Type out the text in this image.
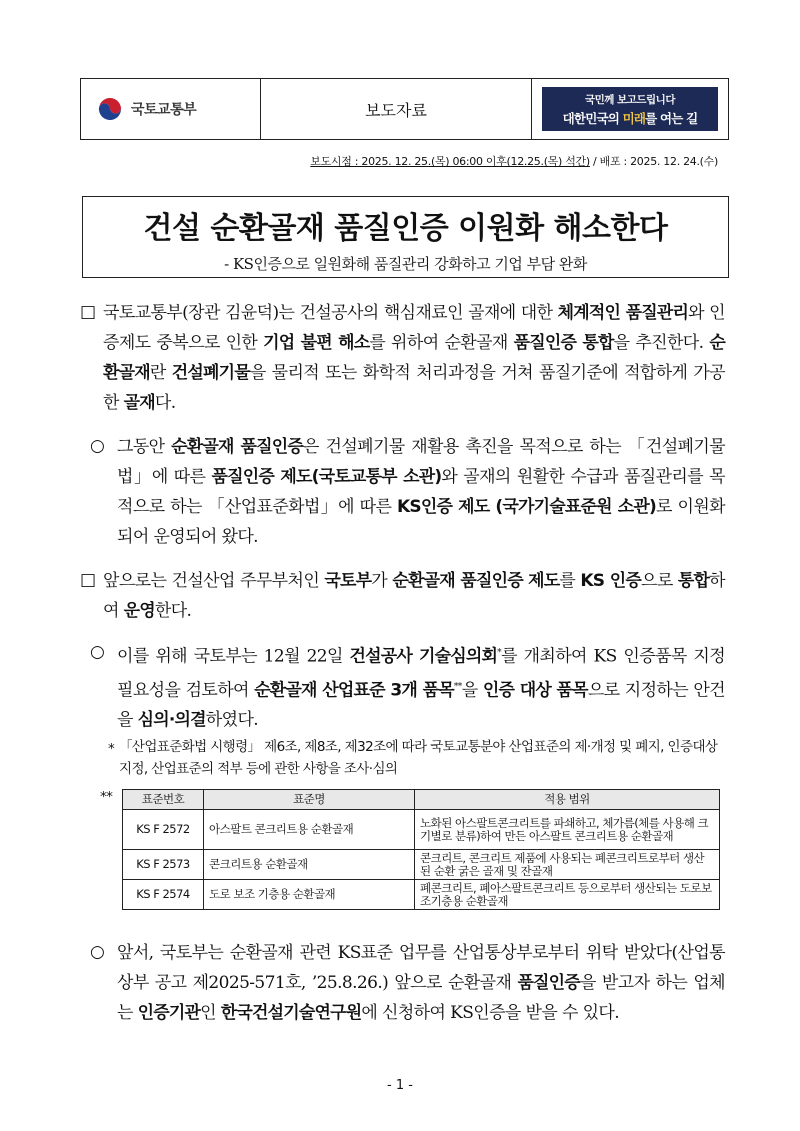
국토교통부	보도자료
국민께 보고드립니다
대한민국의 미래를 여는 길
보도시점 : 2025. 12. 25.(목) 06:00 이후(12.25.(목) 석간) / 배포 : 2025. 12. 24.(수)
건설 순환골재 품질인증 이원화 해소한다
- KS인증으로 일원화해 품질관리 강화하고 기업 부담 완화
□ 국토교통부(장관 김윤덕)는 건설공사의 핵심재료인 골재에 대한 체계적인 품질관리와 인증제도 중복으로 인한 기업 불편 해소를 위하여 순환골재 품질인증 통합을 추진한다. 순환골재란 건설폐기물을 물리적 또는 화학적 처리과정을 거쳐 품질기준에 적합하게 가공한 골재다.
○ 그동안 순환골재 품질인증은 건설폐기물 재활용 촉진을 목적으로 하는 「건설폐기물법」에 따른 품질인증 제도(국토교통부 소관)와 골재의 원활한 수급과 품질관리를 목적으로 하는 「산업표준화법」에 따른 KS인증 제도 (국가기술표준원 소관)로 이원화되어 운영되어 왔다.
□ 앞으로는 건설산업 주무부처인 국토부가 순환골재 품질인증 제도를 KS 인증으로 통합하여 운영한다.
○ 이를 위해 국토부는 12월 22일 건설공사 기술심의회*를 개최하여 KS 인증품목 지정 필요성을 검토하여 순환골재 산업표준 3개 품목**을 인증 대상 품목으로 지정하는 안건을 심의·의결하였다.
* 「산업표준화법 시행령」 제6조, 제8조, 제32조에 따라 국토교통분야 산업표준의 제·개정 및 폐지, 인증대상 지정, 산업표준의 적부 등에 관한 사항을 조사·심의
**	표준번호	표준명	적용 범위
KS F 2572	아스팔트 콘크리트용 순환골재	노화된 아스팔트콘크리트를 파쇄하고, 체가름(체를 사용해 크기별로 분류)하여 만든 아스팔트 콘크리트용 순환골재
KS F 2573	콘크리트용 순환골재	콘크리트, 콘크리트 제품에 사용되는 폐콘크리트로부터 생산된 순환 굵은 골재 및 잔골재
KS F 2574	도로 보조 기층용 순환골재	폐콘크리트, 폐아스팔트콘크리트 등으로부터 생산되는 도로보조기층용 순환골재
○ 앞서, 국토부는 순환골재 관련 KS표준 업무를 산업통상부로부터 위탁 받았다(산업통상부 공고 제2025-571호, ’25.8.26.) 앞으로 순환골재 품질인증을 받고자 하는 업체는 인증기관인 한국건설기술연구원에 신청하여 KS인증을 받을 수 있다.
- 1 -
